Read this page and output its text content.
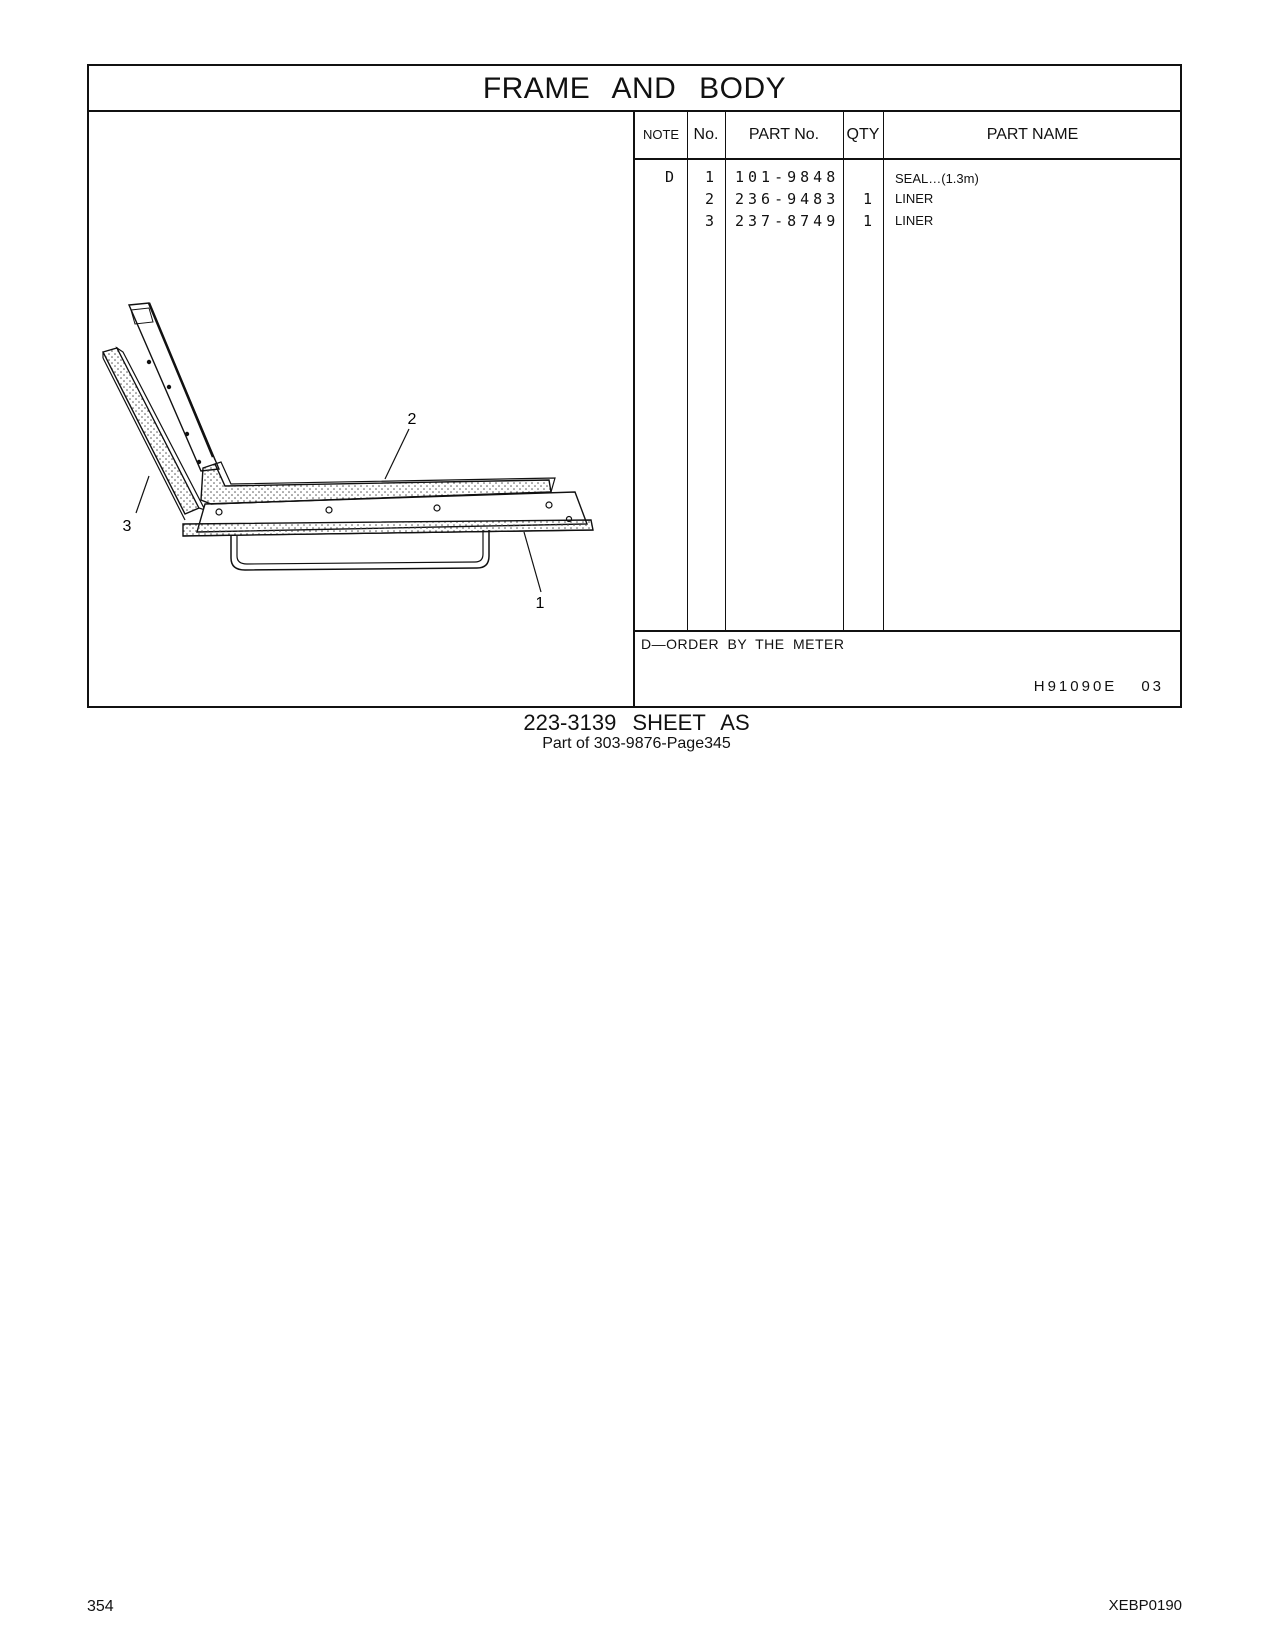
FRAME AND BODY
1
2
3
NOTE No.	PART No.	QTY	PART NAME
D 1 101-9848	SEAL…(1.3m)
2 236-9483 1 LINER
3 237-8749 1 LINER
D—ORDER BY THE METER
H91090E 03
223-3139 SHEET AS
Part of 303-9876-Page345
354	XEBP0190
